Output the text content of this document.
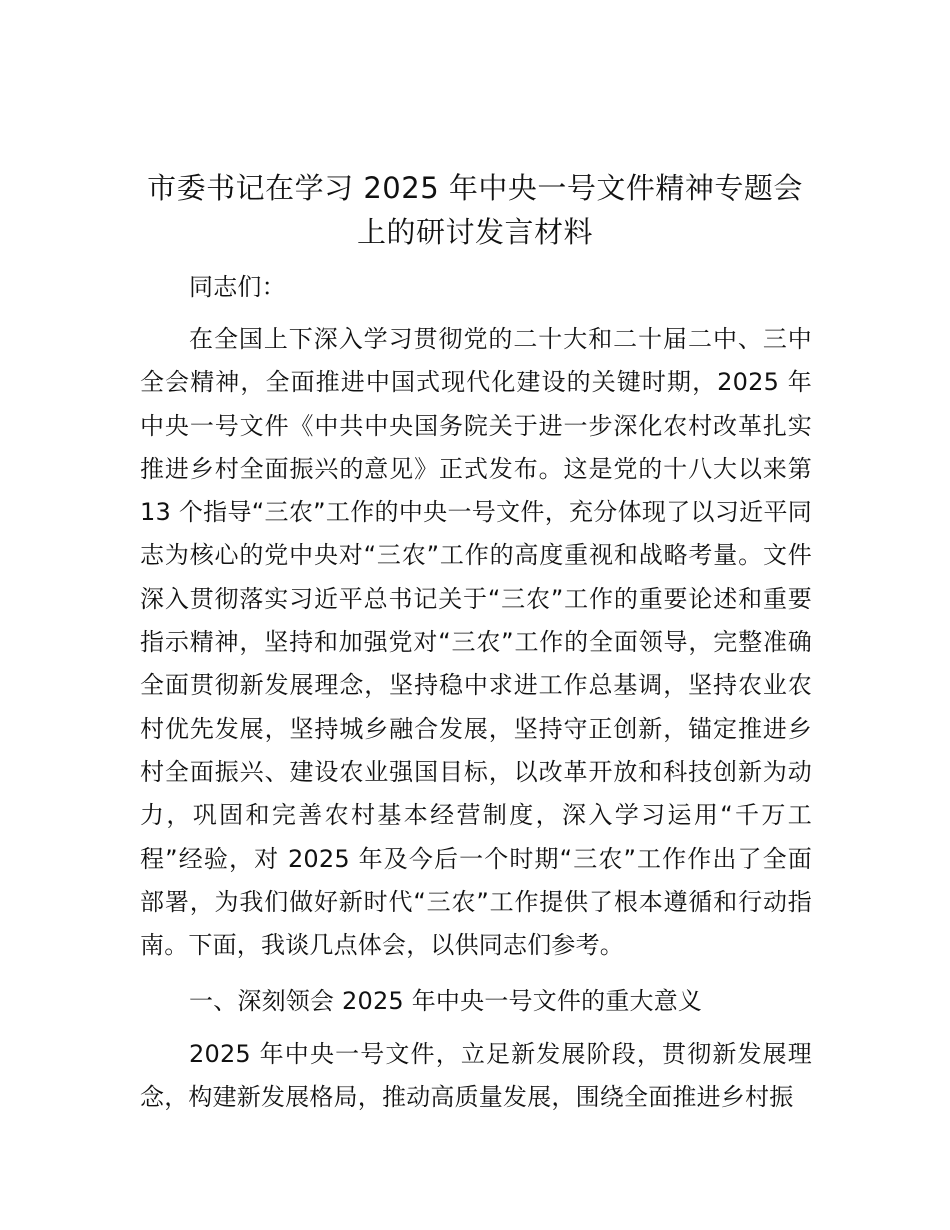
市委书记在学习 2025 年中央一号文件精神专题会上的研讨发言材料

同志们：

在全国上下深入学习贯彻党的二十大和二十届二中、三中全会精神，全面推进中国式现代化建设的关键时期，2025 年中央一号文件《中共中央国务院关于进一步深化农村改革扎实推进乡村全面振兴的意见》正式发布。这是党的十八大以来第 13 个指导“三农”工作的中央一号文件，充分体现了以习近平同志为核心的党中央对“三农”工作的高度重视和战略考量。文件深入贯彻落实习近平总书记关于“三农”工作的重要论述和重要指示精神，坚持和加强党对“三农”工作的全面领导，完整准确全面贯彻新发展理念，坚持稳中求进工作总基调，坚持农业农村优先发展，坚持城乡融合发展，坚持守正创新，锚定推进乡村全面振兴、建设农业强国目标，以改革开放和科技创新为动力，巩固和完善农村基本经营制度，深入学习运用“千万工程”经验，对 2025 年及今后一个时期“三农”工作作出了全面部署，为我们做好新时代“三农”工作提供了根本遵循和行动指南。下面，我谈几点体会，以供同志们参考。

一、深刻领会 2025 年中央一号文件的重大意义

2025 年中央一号文件，立足新发展阶段，贯彻新发展理念，构建新发展格局，推动高质量发展，围绕全面推进乡村振
